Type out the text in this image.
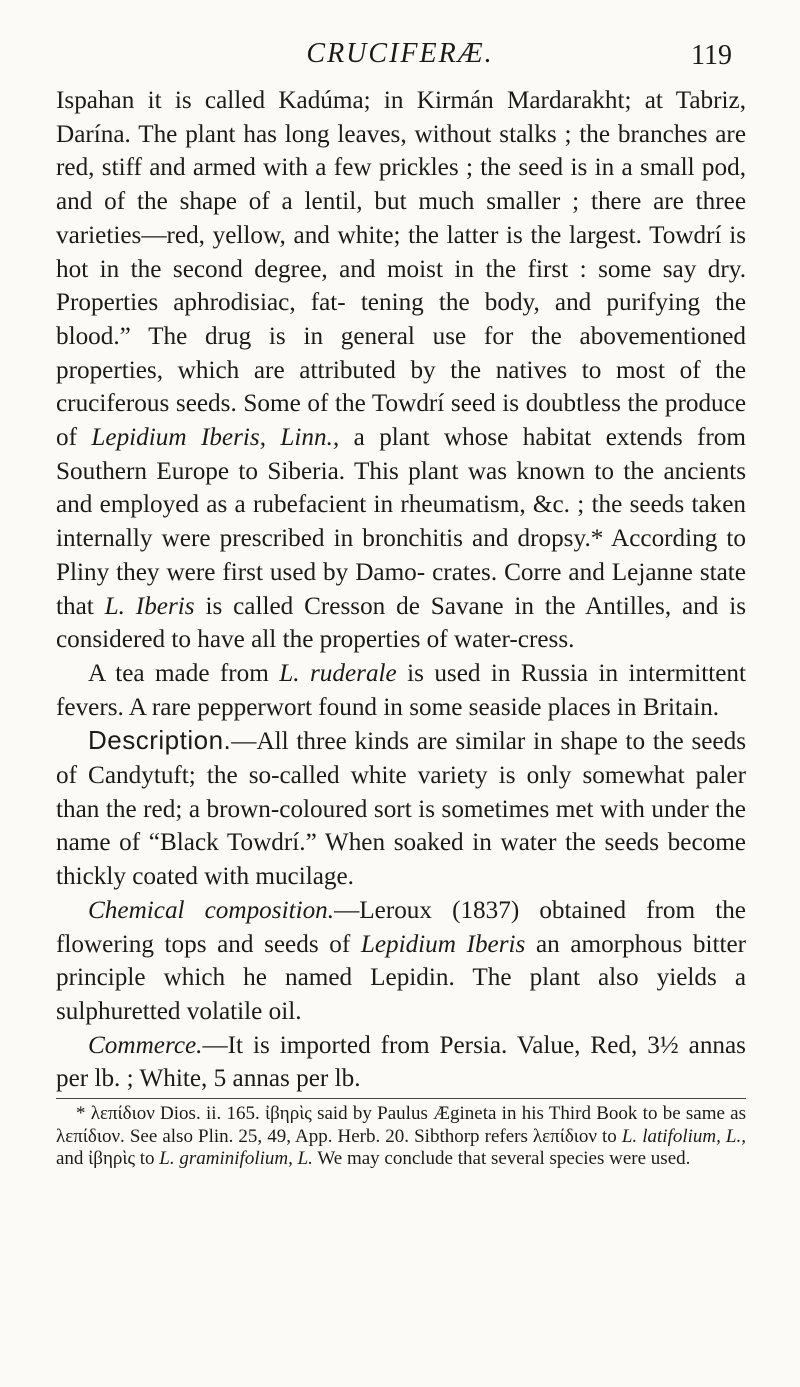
CRUCIFERÆ.	119

Ispahan it is called Kadúma; in Kirmán Mardarakht; at Tabriz, Darína. The plant has long leaves, without stalks ; the branches are red, stiff and armed with a few prickles ; the seed is in a small pod, and of the shape of a lentil, but much smaller ; there are three varieties—red, yellow, and white; the latter is the largest. Towdrí is hot in the second degree, and moist in the first : some say dry. Properties aphrodisiac, fat- tening the body, and purifying the blood.” The drug is in general use for the abovementioned properties, which are attributed by the natives to most of the cruciferous seeds. Some of the Towdrí seed is doubtless the produce of Lepidium Iberis, Linn., a plant whose habitat extends from Southern Europe to Siberia. This plant was known to the ancients and employed as a rubefacient in rheumatism, &c. ; the seeds taken internally were prescribed in bronchitis and dropsy.* According to Pliny they were first used by Damo- crates. Corre and Lejanne state that L. Iberis is called Cresson de Savane in the Antilles, and is considered to have all the properties of water-cress.

A tea made from L. ruderale is used in Russia in intermittent fevers. A rare pepperwort found in some seaside places in Britain.

Description.—All three kinds are similar in shape to the seeds of Candytuft; the so-called white variety is only somewhat paler than the red; a brown-coloured sort is sometimes met with under the name of “Black Towdrí.” When soaked in water the seeds become thickly coated with mucilage.

Chemical composition.—Leroux (1837) obtained from the flowering tops and seeds of Lepidium Iberis an amorphous bitter principle which he named Lepidin. The plant also yields a sulphuretted volatile oil.

Commerce.—It is imported from Persia. Value, Red, 3½ annas per lb. ; White, 5 annas per lb.

* λεπίδιον Dios. ii. 165. ἰβηρὶς said by Paulus Ægineta in his Third Book to be same as λεπίδιον. See also Plin. 25, 49, App. Herb. 20. Sibthorp refers λεπίδιον to L. latifolium, L., and ἰβηρὶς to L. graminifolium, L. We may conclude that several species were used.
